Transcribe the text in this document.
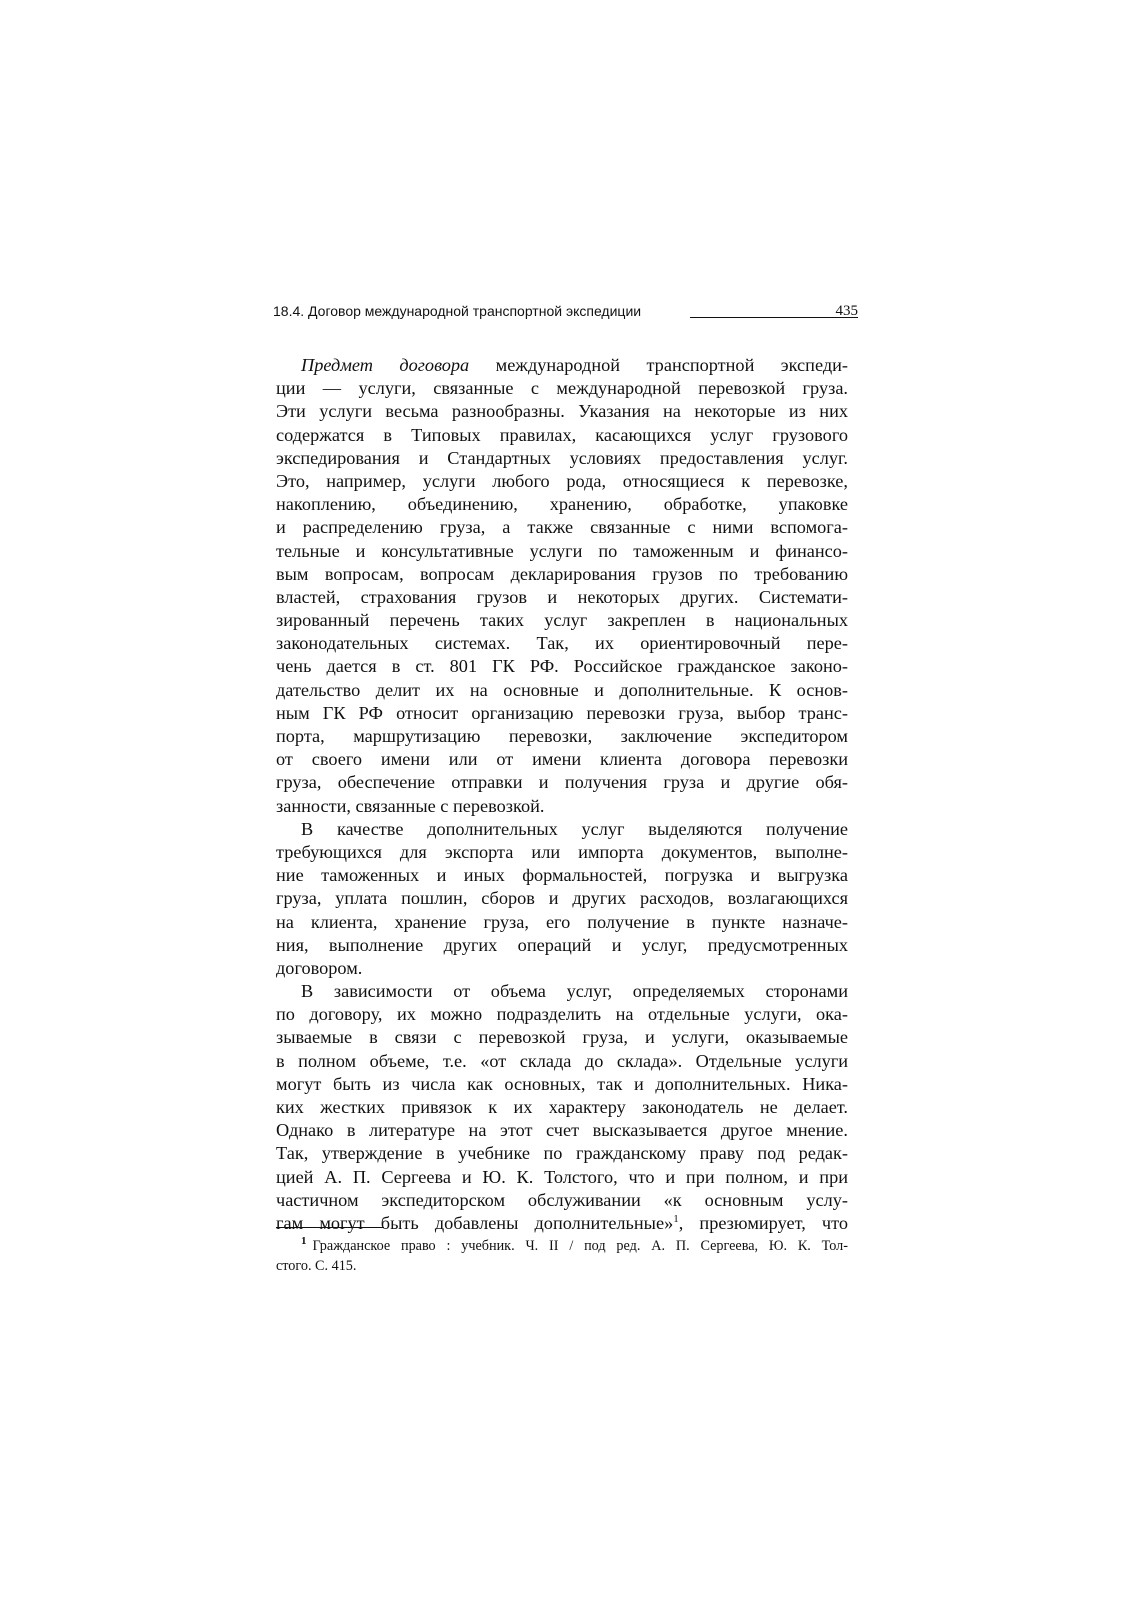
18.4. Договор международной транспортной экспедиции	435
Предмет договора международной транспортной экспеди-
ции — услуги, связанные с международной перевозкой груза.
Эти услуги весьма разнообразны. Указания на некоторые из них
содержатся в Типовых правилах, касающихся услуг грузового
экспедирования и Стандартных условиях предоставления услуг.
Это, например, услуги любого рода, относящиеся к перевозке,
накоплению, объединению, хранению, обработке, упаковке
и распределению груза, а также связанные с ними вспомога-
тельные и консультативные услуги по таможенным и финансо-
вым вопросам, вопросам декларирования грузов по требованию
властей, страхования грузов и некоторых других. Системати-
зированный перечень таких услуг закреплен в национальных
законодательных системах. Так, их ориентировочный пере-
чень дается в ст. 801 ГК РФ. Российское гражданское законо-
дательство делит их на основные и дополнительные. К основ-
ным ГК РФ относит организацию перевозки груза, выбор транс-
порта, маршрутизацию перевозки, заключение экспедитором
от своего имени или от имени клиента договора перевозки
груза, обеспечение отправки и получения груза и другие обя-
занности, связанные с перевозкой.
В качестве дополнительных услуг выделяются получение
требующихся для экспорта или импорта документов, выполне-
ние таможенных и иных формальностей, погрузка и выгрузка
груза, уплата пошлин, сборов и других расходов, возлагающихся
на клиента, хранение груза, его получение в пункте назначе-
ния, выполнение других операций и услуг, предусмотренных
договором.
В зависимости от объема услуг, определяемых сторонами
по договору, их можно подразделить на отдельные услуги, ока-
зываемые в связи с перевозкой груза, и услуги, оказываемые
в полном объеме, т.е. «от склада до склада». Отдельные услуги
могут быть из числа как основных, так и дополнительных. Ника-
ких жестких привязок к их характеру законодатель не делает.
Однако в литературе на этот счет высказывается другое мнение.
Так, утверждение в учебнике по гражданскому праву под редак-
цией А. П. Сергеева и Ю. К. Толстого, что и при полном, и при
частичном экспедиторском обслуживании «к основным услу-
гам могут быть добавлены дополнительные»$^1$, презюмирует, что
$^1$ Гражданское право : учебник. Ч. II / под ред. А. П. Сергеева, Ю. К. Тол-
стого. С. 415.
